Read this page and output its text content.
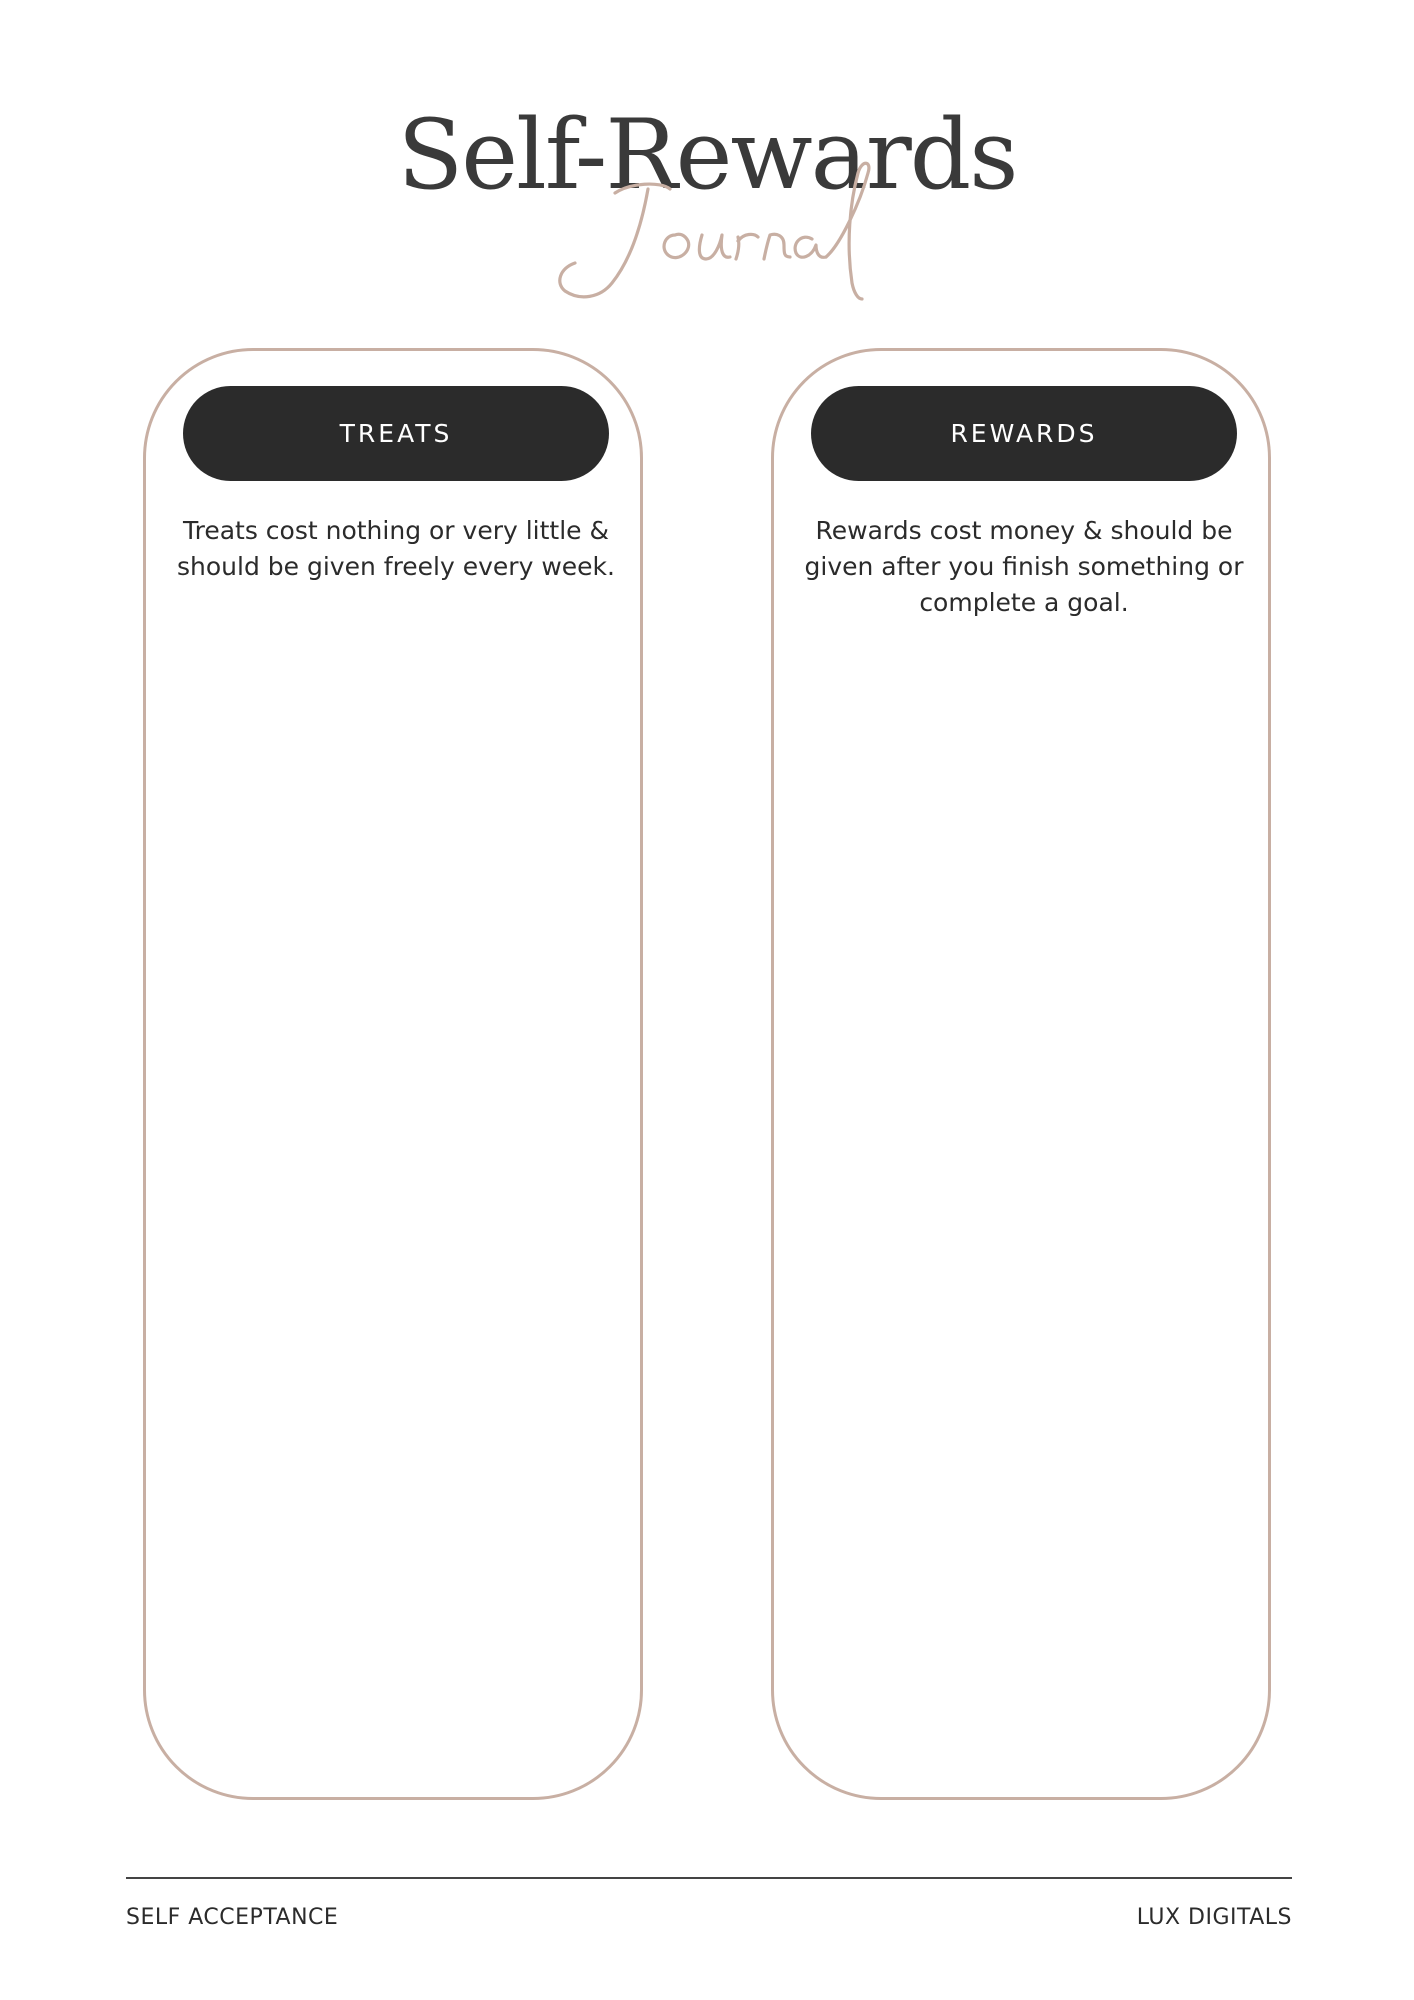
Self-Rewards
TREATS
Treats cost nothing or very little & should be given freely every week.
REWARDS
Rewards cost money & should be given after you finish something or complete a goal.
SELF ACCEPTANCE	LUX DIGITALS
